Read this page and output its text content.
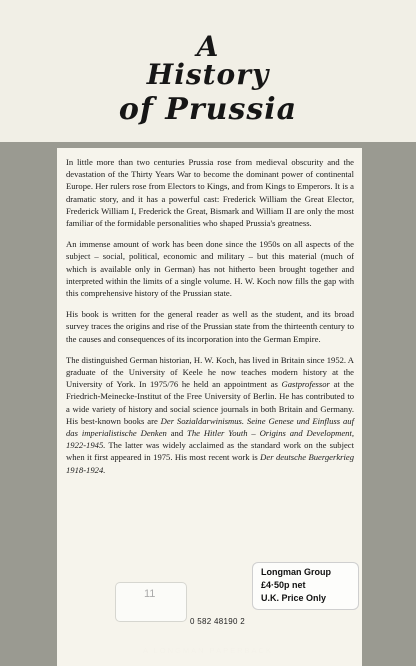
A
History
of Prussia

In little more than two centuries Prussia rose from medieval obscurity and the devastation of the Thirty Years War to become the dominant power of continental Europe. Her rulers rose from Electors to Kings, and from Kings to Emperors. It is a dramatic story, and it has a powerful cast: Frederick William the Great Elector, Frederick William I, Frederick the Great, Bismark and William II are only the most familiar of the formidable personalities who shaped Prussia's greatness.

An immense amount of work has been done since the 1950s on all aspects of the subject – social, political, economic and military – but this material (much of which is available only in German) has not hitherto been brought together and interpreted within the limits of a single volume. H. W. Koch now fills the gap with this comprehensive history of the Prussian state.

His book is written for the general reader as well as the student, and its broad survey traces the origins and rise of the Prussian state from the thirteenth century to the causes and consequences of its incorporation into the German Empire.

The distinguished German historian, H. W. Koch, has lived in Britain since 1952. A graduate of the University of Keele he now teaches modern history at the University of York. In 1975/76 he held an appointment as Gastprofessor at the Friedrich-Meinecke-Institut of the Free University of Berlin. He has contributed to a wide variety of history and social science journals in both Britain and Germany. His best-known books are Der Sozialdarwinismus. Seine Genese und Einfluss auf das imperialistische Denken and The Hitler Youth – Origins and Development, 1922-1945. The latter was widely acclaimed as the standard work on the subject when it first appeared in 1975. His most recent work is Der deutsche Buergerkrieg 1918-1924.

11
0 582 48190 2
Longman Group
£4·50p net
U.K. Price Only
A LONGMAN PAPERBACK
